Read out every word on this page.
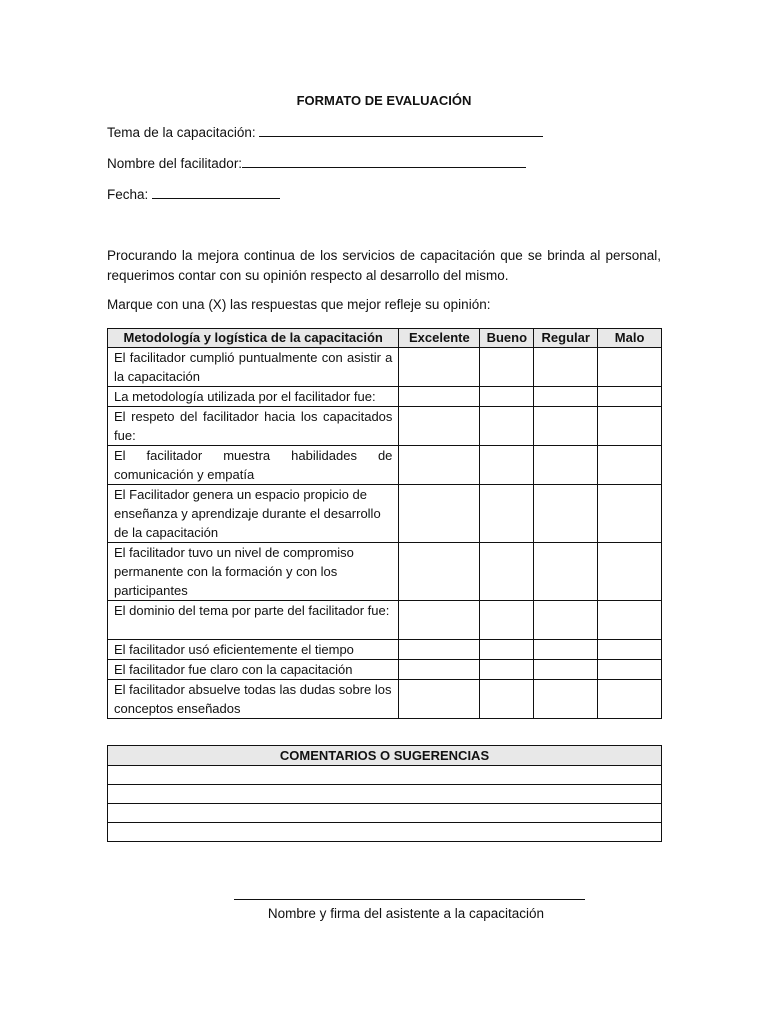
FORMATO DE EVALUACIÓN
Tema de la capacitación:
Nombre del facilitador:
Fecha:

Procurando la mejora continua de los servicios de capacitación que se brinda al personal, requerimos contar con su opinión respecto al desarrollo del mismo.

Marque con una (X) las respuestas que mejor refleje su opinión:

Metodología y logística de la capacitación	Excelente	Bueno	Regular	Malo
El facilitador cumplió puntualmente con asistir a la capacitación				
La metodología utilizada por el facilitador fue:				
El respeto del facilitador hacia los capacitados fue:				
El facilitador muestra habilidades de comunicación y empatía				
El Facilitador genera un espacio propicio de enseñanza y aprendizaje durante el desarrollo de la capacitación				
El facilitador tuvo un nivel de compromiso permanente con la formación y con los participantes				
El dominio del tema por parte del facilitador fue:				
El facilitador usó eficientemente el tiempo				
El facilitador fue claro con la capacitación				
El facilitador absuelve todas las dudas sobre los conceptos enseñados				
COMENTARIOS O SUGERENCIAS

Nombre y firma del asistente a la capacitación
